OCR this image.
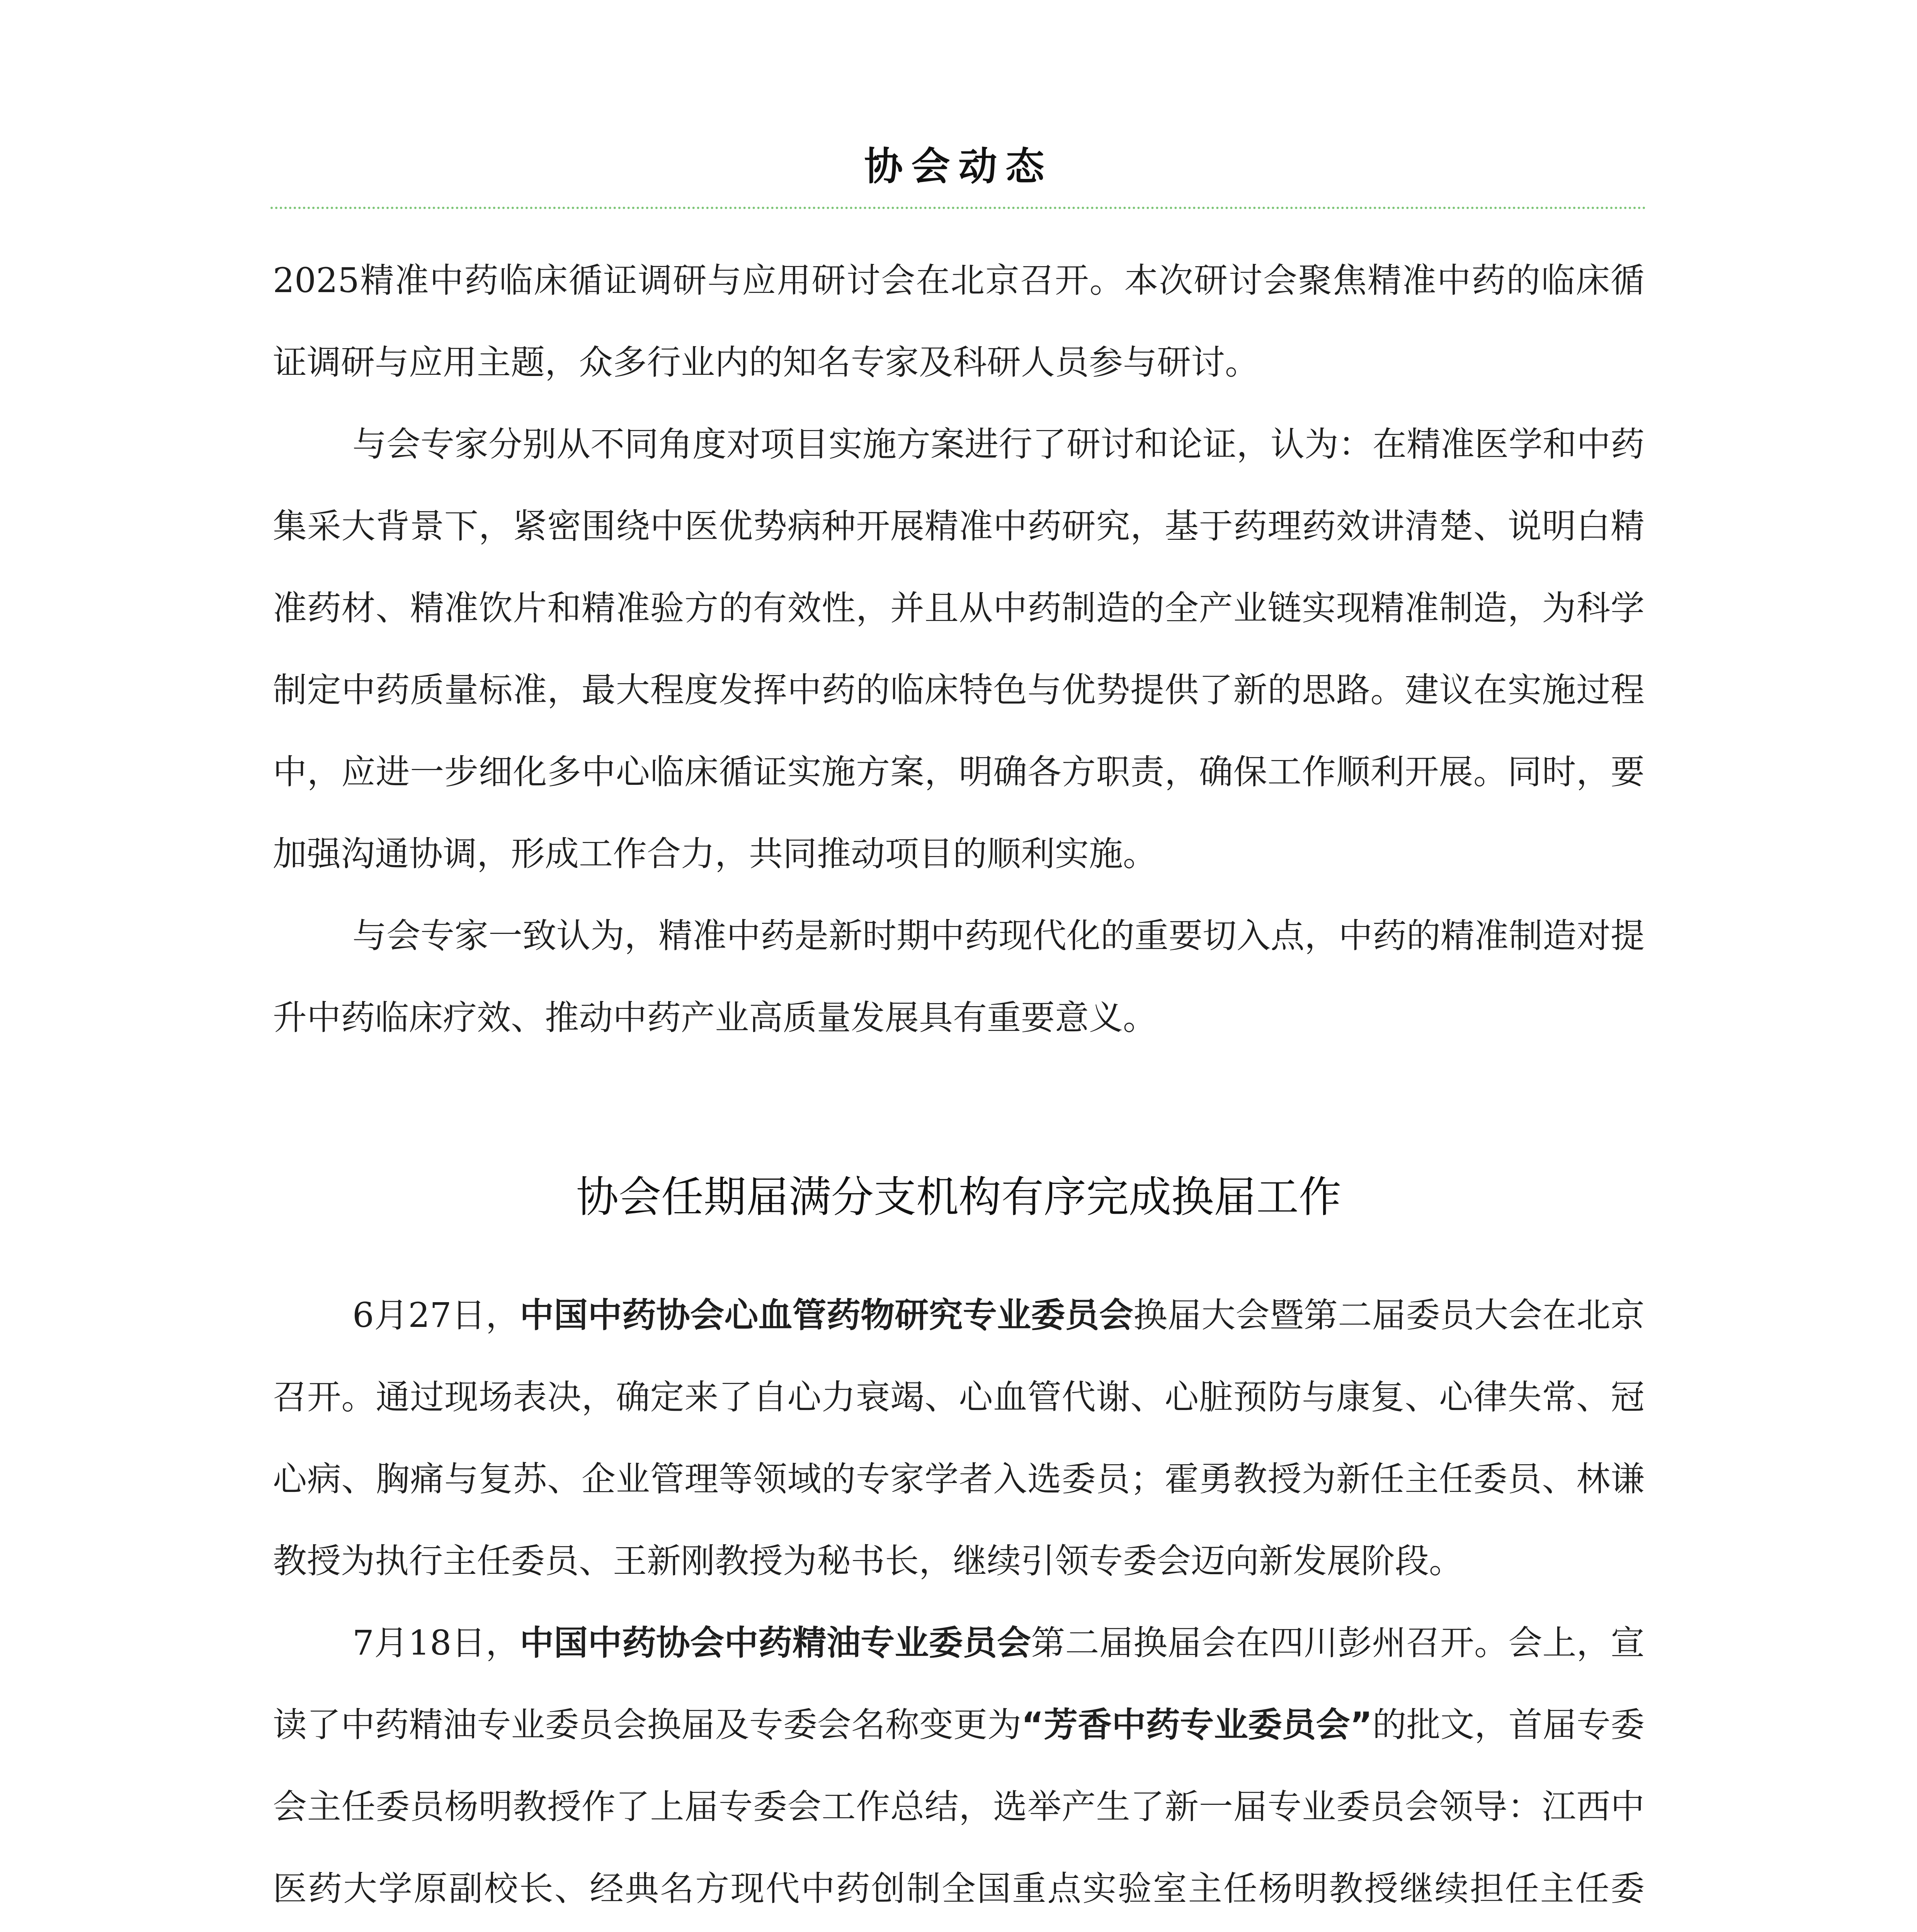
协会动态

2025精准中药临床循证调研与应用研讨会在北京召开。本次研讨会聚焦精准中药的临床循证调研与应用主题，众多行业内的知名专家及科研人员参与研讨。

与会专家分别从不同角度对项目实施方案进行了研讨和论证，认为：在精准医学和中药集采大背景下，紧密围绕中医优势病种开展精准中药研究，基于药理药效讲清楚、说明白精准药材、精准饮片和精准验方的有效性，并且从中药制造的全产业链实现精准制造，为科学制定中药质量标准，最大程度发挥中药的临床特色与优势提供了新的思路。建议在实施过程中，应进一步细化多中心临床循证实施方案，明确各方职责，确保工作顺利开展。同时，要加强沟通协调，形成工作合力，共同推动项目的顺利实施。

与会专家一致认为，精准中药是新时期中药现代化的重要切入点，中药的精准制造对提升中药临床疗效、推动中药产业高质量发展具有重要意义。

协会任期届满分支机构有序完成换届工作

6月27日，中国中药协会心血管药物研究专业委员会换届大会暨第二届委员大会在北京召开。通过现场表决，确定来了自心力衰竭、心血管代谢、心脏预防与康复、心律失常、冠心病、胸痛与复苏、企业管理等领域的专家学者入选委员；霍勇教授为新任主任委员、林谦教授为执行主任委员、王新刚教授为秘书长，继续引领专委会迈向新发展阶段。

7月18日，中国中药协会中药精油专业委员会第二届换届会在四川彭州召开。会上，宣读了中药精油专业委员会换届及专委会名称变更为“芳香中药专业委员会”的批文，首届专委会主任委员杨明教授作了上届专委会工作总结，选举产生了新一届专业委员会领导：江西中医药大学原副校长、经典名方现代中药创制全国重点实验室主任杨明教授继续担任主任委
